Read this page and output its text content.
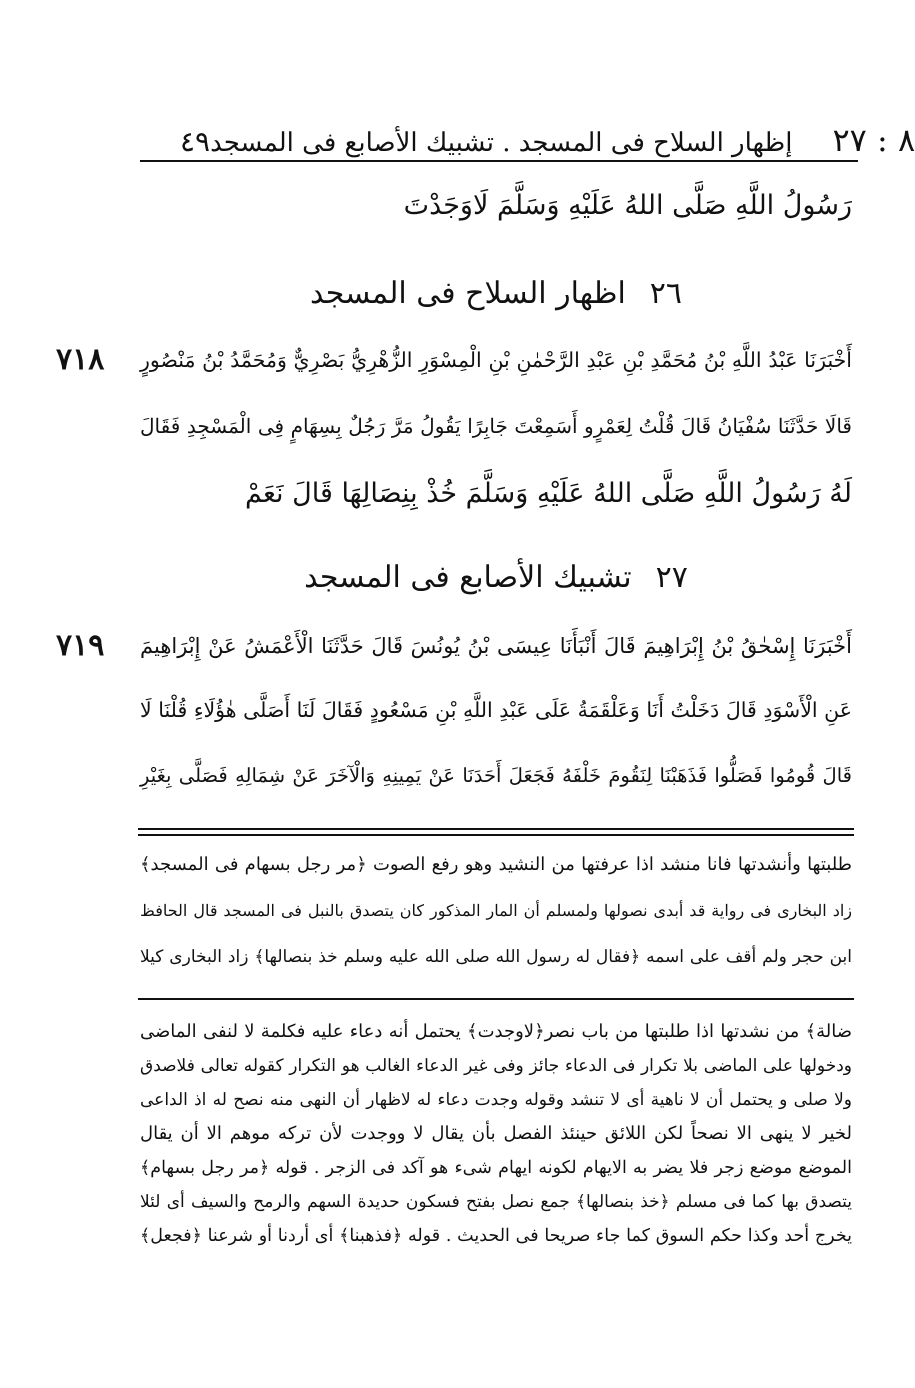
٤٩ إظهار السلاح فى المسجد . تشبيك الأصابع فى المسجد ٨ : ٢٧
رَسُولُ اللَّهِ صَلَّى اللهُ عَلَيْهِ وَسَلَّمَ لَاوَجَدْتَ
٢٦اظهار السلاح فى المسجد
٧١٨	أَخْبَرَنَا عَبْدُ اللَّهِ بْنُ مُحَمَّدِ بْنِ عَبْدِ الرَّحْمٰنِ بْنِ الْمِسْوَرِ الزُّهْرِيُّ بَصْرِيٌّ وَمُحَمَّدُ بْنُ مَنْصُورٍ
قَالَا حَدَّثَنَا سُفْيَانُ قَالَ قُلْتُ لِعَمْرٍو أَسَمِعْتَ جَابِرًا يَقُولُ مَرَّ رَجُلٌ بِسِهَامٍ فِى الْمَسْجِدِ فَقَالَ
لَهُ رَسُولُ اللَّهِ صَلَّى اللهُ عَلَيْهِ وَسَلَّمَ خُذْ بِنِصَالِهَا قَالَ نَعَمْ
٢٧تشبيك الأصابع فى المسجد
٧١٩	أَخْبَرَنَا إِسْحٰقُ بْنُ إِبْرَاهِيمَ قَالَ أَنْبَأَنَا عِيسَى بْنُ يُونُسَ قَالَ حَدَّثَنَا الْأَعْمَشُ عَنْ إِبْرَاهِيمَ
عَنِ الْأَسْوَدِ قَالَ دَخَلْتُ أَنَا وَعَلْقَمَةُ عَلَى عَبْدِ اللَّهِ بْنِ مَسْعُودٍ فَقَالَ لَنَا أَصَلَّى هٰؤُلَاءِ قُلْنَا لَا
قَالَ قُومُوا فَصَلُّوا فَذَهَبْنَا لِنَقُومَ خَلْفَهُ فَجَعَلَ أَحَدَنَا عَنْ يَمِينِهِ وَالْآخَرَ عَنْ شِمَالِهِ فَصَلَّى بِغَيْرِ
طلبتها وأنشدتها فانا منشد اذا عرفتها من النشيد وهو رفع الصوت ﴿مر رجل بسهام فى المسجد﴾
زاد البخارى فى رواية قد أبدى نصولها ولمسلم أن المار المذكور كان يتصدق بالنبل فى المسجد قال الحافظ
ابن حجر ولم أقف على اسمه ﴿فقال له رسول الله صلى الله عليه وسلم خذ بنصالها﴾ زاد البخارى كيلا
ضالة﴾ من نشدتها اذا طلبتها من باب نصر﴿لاوجدت﴾ يحتمل أنه دعاء عليه فكلمة لا لنفى الماضى
ودخولها على الماضى بلا تكرار فى الدعاء جائز وفى غير الدعاء الغالب هو التكرار كقوله تعالى فلاصدق
ولا صلى و يحتمل أن لا ناهية أى لا تنشد وقوله وجدت دعاء له لاظهار أن النهى منه نصح له اذ الداعى
لخير لا ينهى الا نصحاً لكن اللائق حينئذ الفصل بأن يقال لا ووجدت لأن تركه موهم الا أن يقال
الموضع موضع زجر فلا يضر به الايهام لكونه ايهام شىء هو آكد فى الزجر . قوله ﴿مر رجل بسهام﴾
يتصدق بها كما فى مسلم ﴿خذ بنصالها﴾ جمع نصل بفتح فسكون حديدة السهم والرمح والسيف أى لئلا
يخرج أحد وكذا حكم السوق كما جاء صريحا فى الحديث . قوله ﴿فذهبنا﴾ أى أردنا أو شرعنا ﴿فجعل﴾
